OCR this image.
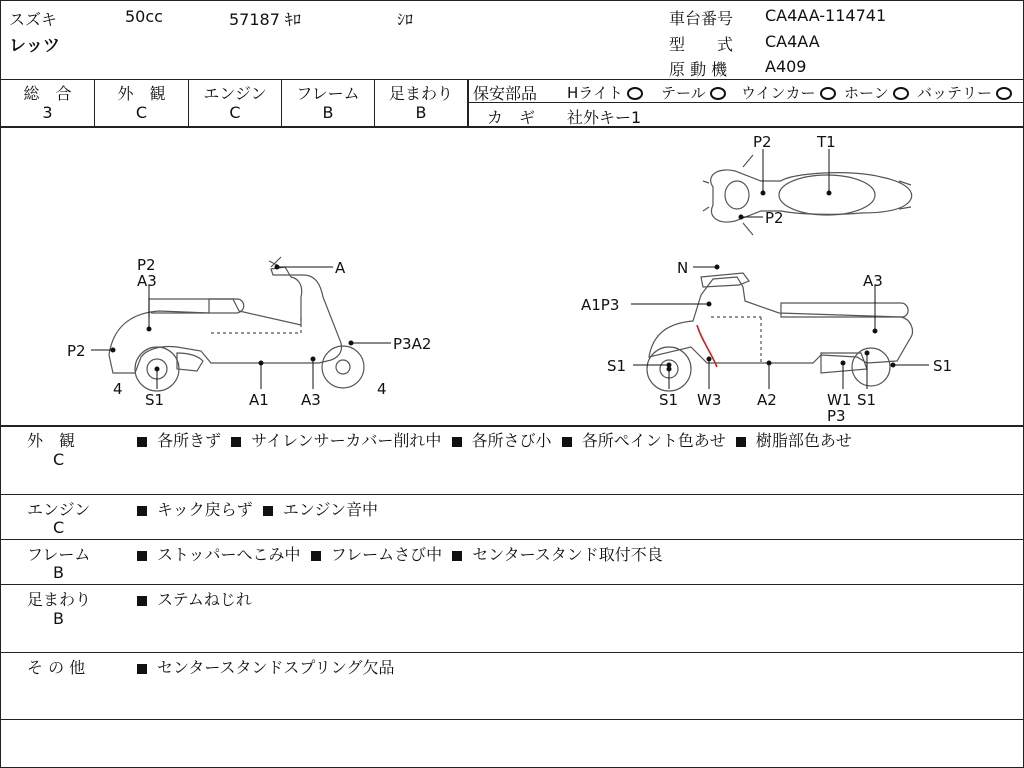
スズキ	50cc	57187 ｷﾛ	ｼﾛ
レッツ
車台番号 CA4AA-114741
型　　式 CA4AA
原 動 機 A409
総　合
3
外　観
C
エンジン
C
フレーム
B
足まわり
B
保安部品 Hライト	テール	ウインカー	ホーン	バッテリー
カ　ギ 社外キー1
P2
A3
A
P2	P3A2
4	4
S1	A1 A3
N
A3
A1P3
S1	S1
S1 W3 A2	W1 S1
P3
P2	T1
P2
外　観
C
各所きず サイレンサーカバー削れ中 各所さび小 各所ペイント色あせ 樹脂部色あせ
エンジン
C
キック戻らず エンジン音中
フレーム
B
ストッパーへこみ中 フレームさび中 センタースタンド取付不良
足まわり
B
ステムねじれ
そ の 他	センタースタンドスプリング欠品
